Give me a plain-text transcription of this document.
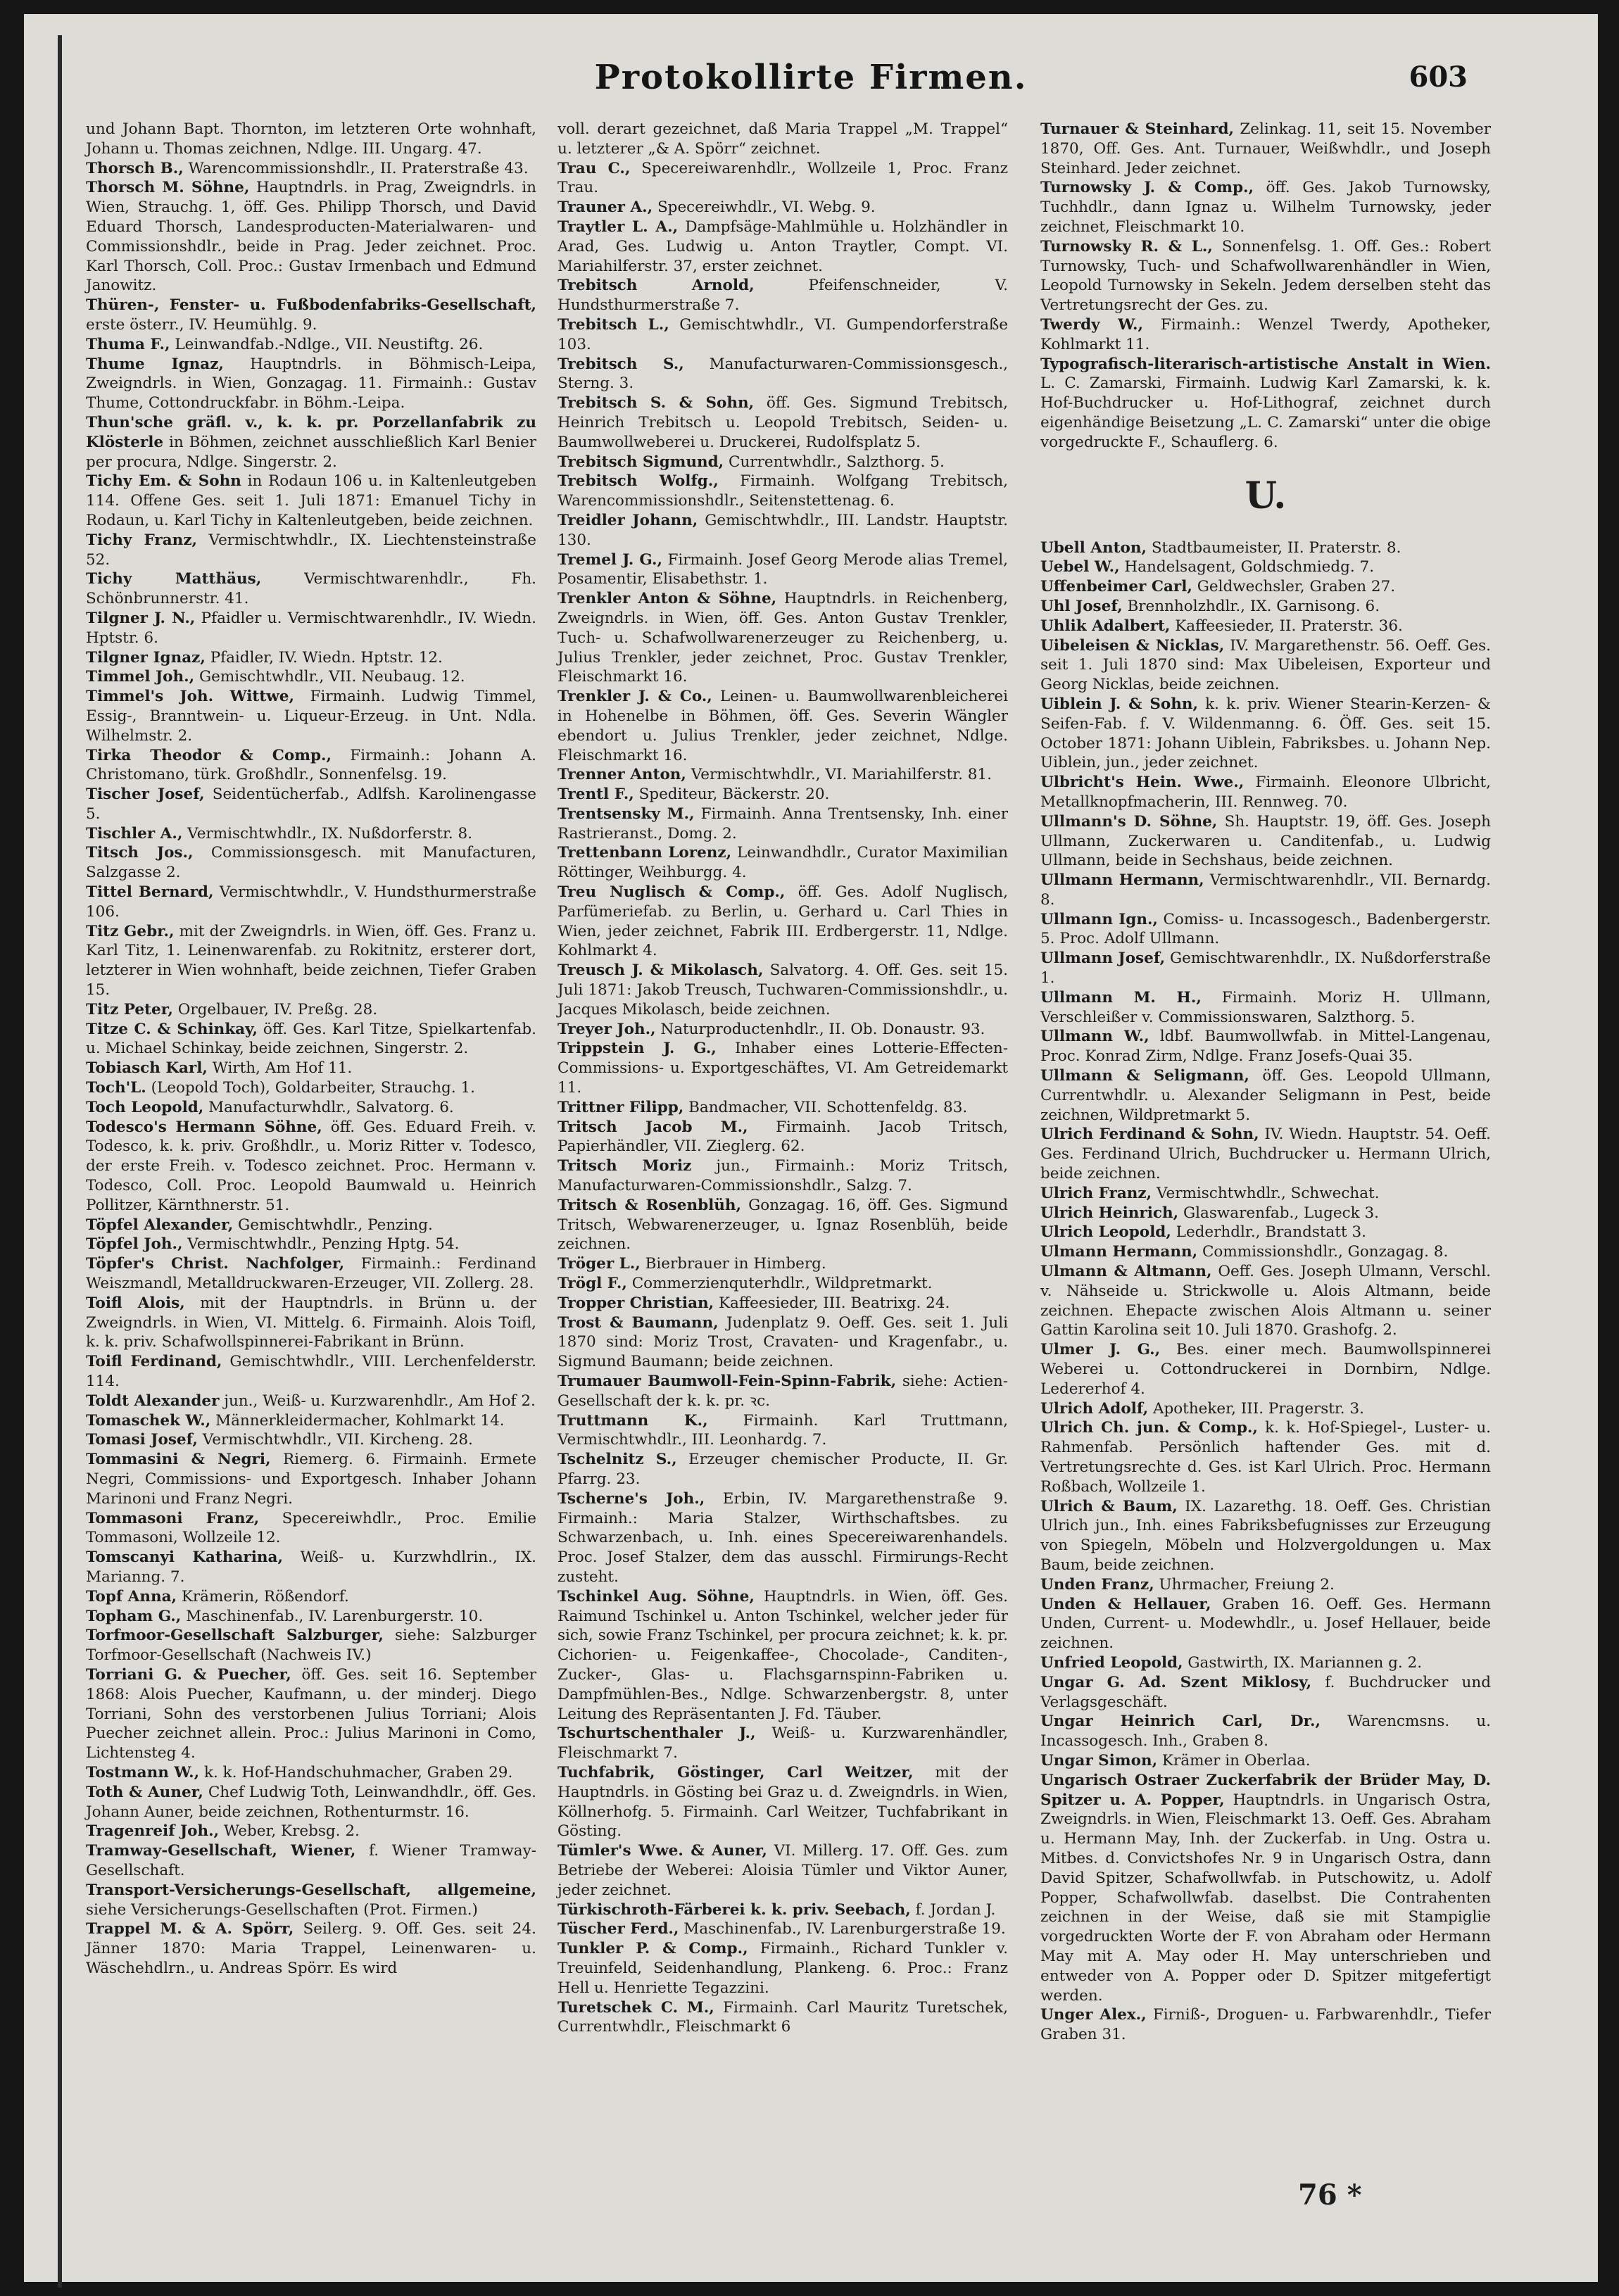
Protokollirte Firmen.	603

und Johann Bapt. Thornton, im letzteren Orte wohnhaft, Johann u. Thomas zeichnen, Ndlge. III. Ungarg. 47.

Thorsch B., Warencommissionshdlr., II. Praterstraße 43.

Thorsch M. Söhne, Hauptndrls. in Prag, Zweigndrls. in Wien, Strauchg. 1, öff. Ges. Philipp Thorsch, und David Eduard Thorsch, Landesproducten-Materialwaren- und Commissionshdlr., beide in Prag. Jeder zeichnet. Proc. Karl Thorsch, Coll. Proc.: Gustav Irmenbach und Edmund Janowitz.

Thüren-, Fenster- u. Fußbodenfabriks-Gesellschaft, erste österr., IV. Heumühlg. 9.

Thuma F., Leinwandfab.-Ndlge., VII. Neustiftg. 26.

Thume Ignaz, Hauptndrls. in Böhmisch-Leipa, Zweigndrls. in Wien, Gonzagag. 11. Firmainh.: Gustav Thume, Cottondruckfabr. in Böhm.-Leipa.

Thun'sche gräfl. v., k. k. pr. Porzellanfabrik zu Klösterle in Böhmen, zeichnet ausschließlich Karl Benier per procura, Ndlge. Singerstr. 2.

Tichy Em. & Sohn in Rodaun 106 u. in Kaltenleutgeben 114. Offene Ges. seit 1. Juli 1871: Emanuel Tichy in Rodaun, u. Karl Tichy in Kaltenleutgeben, beide zeichnen.

Tichy Franz, Vermischtwhdlr., IX. Liechtensteinstraße 52.

Tichy Matthäus,	Vermischtwarenhdlr., Fh. Schönbrunnerstr. 41.

Tilgner J. N., Pfaidler u. Vermischtwarenhdlr., IV. Wiedn. Hptstr. 6.

Tilgner Ignaz, Pfaidler, IV. Wiedn. Hptstr. 12.

Timmel Joh., Gemischtwhdlr., VII. Neubaug. 12.

Timmel's Joh. Wittwe, Firmainh. Ludwig Timmel, Essig-, Branntwein- u. Liqueur-Erzeug. in Unt. Ndla. Wilhelmstr. 2.

Tirka Theodor & Comp., Firmainh.: Johann A. Christomano, türk. Großhdlr., Sonnenfelsg. 19.

Tischer Josef, Seidentücherfab., Adlfsh. Karolinengasse 5.

Tischler A., Vermischtwhdlr., IX. Nußdorferstr. 8.

Titsch Jos., Commissionsgesch. mit Manufacturen, Salzgasse 2.

Tittel Bernard, Vermischtwhdlr., V. Hundsthurmerstraße 106.

Titz Gebr., mit der Zweigndrls. in Wien, öff. Ges. Franz u. Karl Titz, 1. Leinenwarenfab. zu Rokitnitz, ersterer dort, letzterer in Wien wohnhaft, beide zeichnen, Tiefer Graben 15.

Titz Peter, Orgelbauer, IV. Preßg. 28.

Titze C. & Schinkay, öff. Ges. Karl Titze, Spielkartenfab. u. Michael Schinkay, beide zeichnen, Singerstr. 2.

Tobiasch Karl, Wirth, Am Hof 11.

Toch'L. (Leopold Toch), Goldarbeiter, Strauchg. 1.

Toch Leopold, Manufacturwhdlr., Salvatorg. 6.

Todesco's Hermann Söhne, öff. Ges. Eduard Freih. v. Todesco, k. k. priv. Großhdlr., u. Moriz Ritter v. Todesco, der erste Freih. v. Todesco zeichnet. Proc. Hermann v. Todesco, Coll. Proc. Leopold Baumwald u. Heinrich Pollitzer, Kärnthnerstr. 51.

Töpfel Alexander, Gemischtwhdlr., Penzing.

Töpfel Joh., Vermischtwhdlr., Penzing Hptg. 54.

Töpfer's Christ. Nachfolger, Firmainh.: Ferdinand Weiszmandl, Metalldruckwaren-Erzeuger, VII. Zollerg. 28.

Toifl Alois, mit der Hauptndrls. in Brünn u. der Zweigndrls. in Wien, VI. Mittelg. 6. Firmainh. Alois Toifl, k. k. priv. Schafwollspinnerei-Fabrikant in Brünn.

Toifl Ferdinand, Gemischtwhdlr., VIII. Lerchenfelderstr. 114.

Toldt Alexander jun., Weiß- u. Kurzwarenhdlr., Am Hof 2.

Tomaschek W., Männerkleidermacher, Kohlmarkt 14.

Tomasi Josef, Vermischtwhdlr., VII. Kircheng. 28.

Tommasini & Negri, Riemerg. 6. Firmainh. Ermete Negri, Commissions- und Exportgesch. Inhaber Johann Marinoni und Franz Negri.

Tommasoni Franz, Specereiwhdlr., Proc. Emilie Tommasoni, Wollzeile 12.

Tomscanyi Katharina, Weiß- u. Kurzwhdlrin., IX. Marianng. 7.

Topf Anna, Krämerin, Rößendorf.

Topham G., Maschinenfab., IV. Larenburgerstr. 10.

Torfmoor-Gesellschaft Salzburger, siehe: Salzburger Torfmoor-Gesellschaft (Nachweis IV.)

Torriani G. & Puecher, öff. Ges. seit 16. September 1868: Alois Puecher, Kaufmann, u. der minderj. Diego Torriani, Sohn des verstorbenen Julius Torriani; Alois Puecher zeichnet allein. Proc.: Julius Marinoni in Como, Lichtensteg 4.

Tostmann W., k. k. Hof-Handschuhmacher, Graben 29.

Toth & Auner, Chef Ludwig Toth, Leinwandhdlr., öff. Ges. Johann Auner, beide zeichnen, Rothenturmstr. 16.

Tragenreif Joh., Weber, Krebsg. 2.

Tramway-Gesellschaft, Wiener, f. Wiener Tramway-Gesellschaft.

Transport-Versicherungs-Gesellschaft, allgemeine, siehe Versicherungs-Gesellschaften (Prot. Firmen.)

Trappel M. & A. Spörr, Seilerg. 9. Off. Ges. seit 24. Jänner 1870: Maria Trappel, Leinenwaren- u. Wäschehdlrn., u. Andreas Spörr. Es wird

voll. derart gezeichnet, daß Maria Trappel „M. Trappel“ u. letzterer „& A. Spörr“ zeichnet.

Trau C., Specereiwarenhdlr., Wollzeile 1, Proc. Franz Trau.

Trauner A., Specereiwhdlr., VI. Webg. 9.

Traytler L. A., Dampfsäge-Mahlmühle u. Holzhändler in Arad, Ges. Ludwig u. Anton Traytler, Compt. VI. Mariahilferstr. 37, erster zeichnet.

Trebitsch Arnold,	Pfeifenschneider, V. Hundsthurmerstraße 7.

Trebitsch L., Gemischtwhdlr., VI. Gumpendorferstraße 103.

Trebitsch S., Manufacturwaren-Commissionsgesch., Sterng. 3.

Trebitsch S. & Sohn, öff. Ges. Sigmund Trebitsch, Heinrich Trebitsch u. Leopold Trebitsch, Seiden- u. Baumwollweberei u. Druckerei, Rudolfsplatz 5.

Trebitsch Sigmund, Currentwhdlr., Salzthorg. 5.

Trebitsch Wolfg., Firmainh. Wolfgang Trebitsch, Warencommissionshdlr., Seitenstettenag. 6.

Treidler Johann, Gemischtwhdlr., III. Landstr. Hauptstr. 130.

Tremel J. G., Firmainh. Josef Georg Merode alias Tremel, Posamentir, Elisabethstr. 1.

Trenkler Anton & Söhne, Hauptndrls. in Reichenberg, Zweigndrls. in Wien, öff. Ges. Anton Gustav Trenkler, Tuch- u. Schafwollwarenerzeuger zu Reichenberg, u. Julius Trenkler, jeder zeichnet, Proc. Gustav Trenkler, Fleischmarkt 16.

Trenkler J. & Co., Leinen- u. Baumwollwarenbleicherei in Hohenelbe in Böhmen, öff. Ges. Severin Wängler ebendort u. Julius Trenkler, jeder zeichnet, Ndlge. Fleischmarkt 16.

Trenner Anton, Vermischtwhdlr., VI. Mariahilferstr. 81.

Trentl F., Spediteur, Bäckerstr. 20.

Trentsensky M., Firmainh. Anna Trentsensky, Inh. einer Rastrieranst., Domg. 2.

Trettenbann Lorenz, Leinwandhdlr., Curator Maximilian Röttinger, Weihburgg. 4.

Treu Nuglisch & Comp., öff. Ges. Adolf Nuglisch, Parfümeriefab. zu Berlin, u. Gerhard u. Carl Thies in Wien, jeder zeichnet, Fabrik III. Erdbergerstr. 11, Ndlge. Kohlmarkt 4.

Treusch J. & Mikolasch, Salvatorg. 4. Off. Ges. seit 15. Juli 1871: Jakob Treusch, Tuchwaren-Commissionshdlr., u. Jacques Mikolasch, beide zeichnen.

Treyer Joh., Naturproductenhdlr., II. Ob. Donaustr. 93.

Trippstein J. G., Inhaber eines Lotterie-Effecten-Commissions- u. Exportgeschäftes, VI. Am Getreidemarkt 11.

Trittner Filipp, Bandmacher, VII. Schottenfeldg. 83.

Tritsch Jacob M., Firmainh. Jacob Tritsch, Papierhändler, VII. Zieglerg. 62.

Tritsch Moriz jun., Firmainh.: Moriz Tritsch, Manufacturwaren-Commissionshdlr., Salzg. 7.

Tritsch & Rosenblüh, Gonzagag. 16, öff. Ges. Sigmund Tritsch, Webwarenerzeuger, u. Ignaz Rosenblüh, beide zeichnen.

Tröger L., Bierbrauer in Himberg.

Trögl F., Commerzienquterhdlr., Wildpretmarkt.

Tropper Christian, Kaffeesieder, III. Beatrixg. 24.

Trost & Baumann, Judenplatz 9. Oeff. Ges. seit 1. Juli 1870 sind: Moriz Trost, Cravaten- und Kragenfabr., u. Sigmund Baumann; beide zeichnen.

Trumauer Baumwoll-Fein-Spinn-Fabrik, siehe: Actien-Gesellschaft der k. k. pr. ꝛc.

Truttmann K., Firmainh. Karl Truttmann, Vermischtwhdlr., III. Leonhardg. 7.

Tschelnitz S., Erzeuger chemischer Producte, II. Gr. Pfarrg. 23.

Tscherne's Joh., Erbin, IV. Margarethenstraße 9. Firmainh.: Maria Stalzer, Wirthschaftsbes. zu Schwarzenbach, u. Inh. eines Specereiwarenhandels. Proc. Josef Stalzer, dem das ausschl. Firmirungs-Recht zusteht.

Tschinkel Aug. Söhne, Hauptndrls. in Wien, öff. Ges. Raimund Tschinkel u. Anton Tschinkel, welcher jeder für sich, sowie Franz Tschinkel, per procura zeichnet; k. k. pr. Cichorien- u. Feigenkaffee-, Chocolade-, Canditen-, Zucker-, Glas- u. Flachsgarnspinn-Fabriken u. Dampfmühlen-Bes., Ndlge. Schwarzenbergstr. 8, unter Leitung des Repräsentanten J. Fd. Täuber.

Tschurtschenthaler J., Weiß- u. Kurzwarenhändler, Fleischmarkt 7.

Tuchfabrik, Göstinger, Carl Weitzer, mit der Hauptndrls. in Gösting bei Graz u. d. Zweigndrls. in Wien, Köllnerhofg. 5. Firmainh. Carl Weitzer, Tuchfabrikant in Gösting.

Tümler's Wwe. & Auner, VI. Millerg. 17. Off. Ges. zum Betriebe der Weberei: Aloisia Tümler und Viktor Auner, jeder zeichnet.

Türkischroth-Färberei k. k. priv. Seebach, f. Jordan J.

Tüscher Ferd., Maschinenfab., IV. Larenburgerstraße 19.

Tunkler P. & Comp., Firmainh., Richard Tunkler v. Treuinfeld, Seidenhandlung, Plankeng. 6. Proc.: Franz Hell u. Henriette Tegazzini.

Turetschek C. M., Firmainh. Carl Mauritz Turetschek, Currentwhdlr., Fleischmarkt 6

Turnauer & Steinhard, Zelinkag. 11, seit 15. November 1870, Off. Ges. Ant. Turnauer, Weißwhdlr., und Joseph Steinhard. Jeder zeichnet.

Turnowsky J. & Comp., öff. Ges. Jakob Turnowsky, Tuchhdlr., dann Ignaz u. Wilhelm Turnowsky, jeder zeichnet, Fleischmarkt 10.

Turnowsky R. & L., Sonnenfelsg. 1. Off. Ges.: Robert Turnowsky, Tuch- und Schafwollwarenhändler in Wien, Leopold Turnowsky in Sekeln. Jedem derselben steht das Vertretungsrecht der Ges. zu.

Twerdy W., Firmainh.: Wenzel Twerdy, Apotheker, Kohlmarkt 11.

Typografisch-literarisch-artistische Anstalt in Wien. L. C. Zamarski, Firmainh. Ludwig Karl Zamarski, k. k. Hof-Buchdrucker u. Hof-Lithograf, zeichnet durch eigenhändige Beisetzung „L. C. Zamarski“ unter die obige vorgedruckte F., Schauflerg. 6.

U.

Ubell Anton, Stadtbaumeister, II. Praterstr. 8.

Uebel W., Handelsagent, Goldschmiedg. 7.

Uffenbeimer Carl, Geldwechsler, Graben 27.

Uhl Josef, Brennholzhdlr., IX. Garnisong. 6.

Uhlik Adalbert, Kaffeesieder, II. Praterstr. 36.

Uibeleisen & Nicklas, IV. Margarethenstr. 56. Oeff. Ges. seit 1. Juli 1870 sind: Max Uibeleisen, Exporteur und Georg Nicklas, beide zeichnen.

Uiblein J. & Sohn, k. k. priv. Wiener Stearin-Kerzen- & Seifen-Fab. f. V. Wildenmanng. 6. Öff. Ges. seit 15. October 1871: Johann Uiblein, Fabriksbes. u. Johann Nep. Uiblein, jun., jeder zeichnet.

Ulbricht's Hein. Wwe., Firmainh. Eleonore Ulbricht, Metallknopfmacherin, III. Rennweg. 70.

Ullmann's D. Söhne, Sh. Hauptstr. 19, öff. Ges. Joseph Ullmann, Zuckerwaren u. Canditenfab., u. Ludwig Ullmann, beide in Sechshaus, beide zeichnen.

Ullmann Hermann, Vermischtwarenhdlr., VII. Bernardg. 8.

Ullmann Ign., Comiss- u. Incassogesch., Badenbergerstr. 5. Proc. Adolf Ullmann.

Ullmann Josef, Gemischtwarenhdlr., IX. Nußdorferstraße 1.

Ullmann M. H., Firmainh. Moriz H. Ullmann, Verschleißer v. Commissionswaren, Salzthorg. 5.

Ullmann W., ldbf. Baumwollwfab. in Mittel-Langenau, Proc. Konrad Zirm, Ndlge. Franz Josefs-Quai 35.

Ullmann & Seligmann, öff. Ges. Leopold Ullmann, Currentwhdlr. u. Alexander Seligmann in Pest, beide zeichnen, Wildpretmarkt 5.

Ulrich Ferdinand & Sohn, IV. Wiedn. Hauptstr. 54. Oeff. Ges. Ferdinand Ulrich, Buchdrucker u. Hermann Ulrich, beide zeichnen.

Ulrich Franz, Vermischtwhdlr., Schwechat.

Ulrich Heinrich, Glaswarenfab., Lugeck 3.

Ulrich Leopold, Lederhdlr., Brandstatt 3.

Ulmann Hermann, Commissionshdlr., Gonzagag. 8.

Ulmann & Altmann, Oeff. Ges. Joseph Ulmann, Verschl. v. Nähseide u. Strickwolle u. Alois Altmann, beide zeichnen. Ehepacte zwischen Alois Altmann u. seiner Gattin Karolina seit 10. Juli 1870. Grashofg. 2.

Ulmer J. G., Bes. einer mech. Baumwollspinnerei Weberei u. Cottondruckerei in Dornbirn, Ndlge. Ledererhof 4.

Ulrich Adolf, Apotheker, III. Pragerstr. 3.

Ulrich Ch. jun. & Comp., k. k. Hof-Spiegel-, Luster- u. Rahmenfab. Persönlich haftender Ges. mit d. Vertretungsrechte d. Ges. ist Karl Ulrich. Proc. Hermann Roßbach, Wollzeile 1.

Ulrich & Baum, IX. Lazarethg. 18. Oeff. Ges. Christian Ulrich jun., Inh. eines Fabriksbefugnisses zur Erzeugung von Spiegeln, Möbeln und Holzvergoldungen u. Max Baum, beide zeichnen.

Unden Franz, Uhrmacher, Freiung 2.

Unden & Hellauer, Graben 16. Oeff. Ges. Hermann Unden, Current- u. Modewhdlr., u. Josef Hellauer, beide zeichnen.

Unfried Leopold, Gastwirth, IX. Mariannen g. 2.

Ungar G. Ad. Szent Miklosy, f. Buchdrucker und Verlagsgeschäft.

Ungar Heinrich Carl, Dr., Warencmsns. u. Incassogesch. Inh., Graben 8.

Ungar Simon, Krämer in Oberlaa.

Ungarisch Ostraer Zuckerfabrik der Brüder May, D. Spitzer u. A. Popper, Hauptndrls. in Ungarisch Ostra, Zweigndrls. in Wien, Fleischmarkt 13. Oeff. Ges. Abraham u. Hermann May, Inh. der Zuckerfab. in Ung. Ostra u. Mitbes. d. Convictshofes Nr. 9 in Ungarisch Ostra, dann David Spitzer, Schafwollwfab. in Putschowitz, u. Adolf Popper, Schafwollwfab. daselbst. Die Contrahenten zeichnen in der Weise, daß sie mit Stampiglie vorgedruckten Worte der F. von Abraham oder Hermann May mit A. May oder H. May unterschrieben und entweder von A. Popper oder D. Spitzer mitgefertigt werden.

Unger Alex., Firniß-, Droguen- u. Farbwarenhdlr., Tiefer Graben 31.

76 *
